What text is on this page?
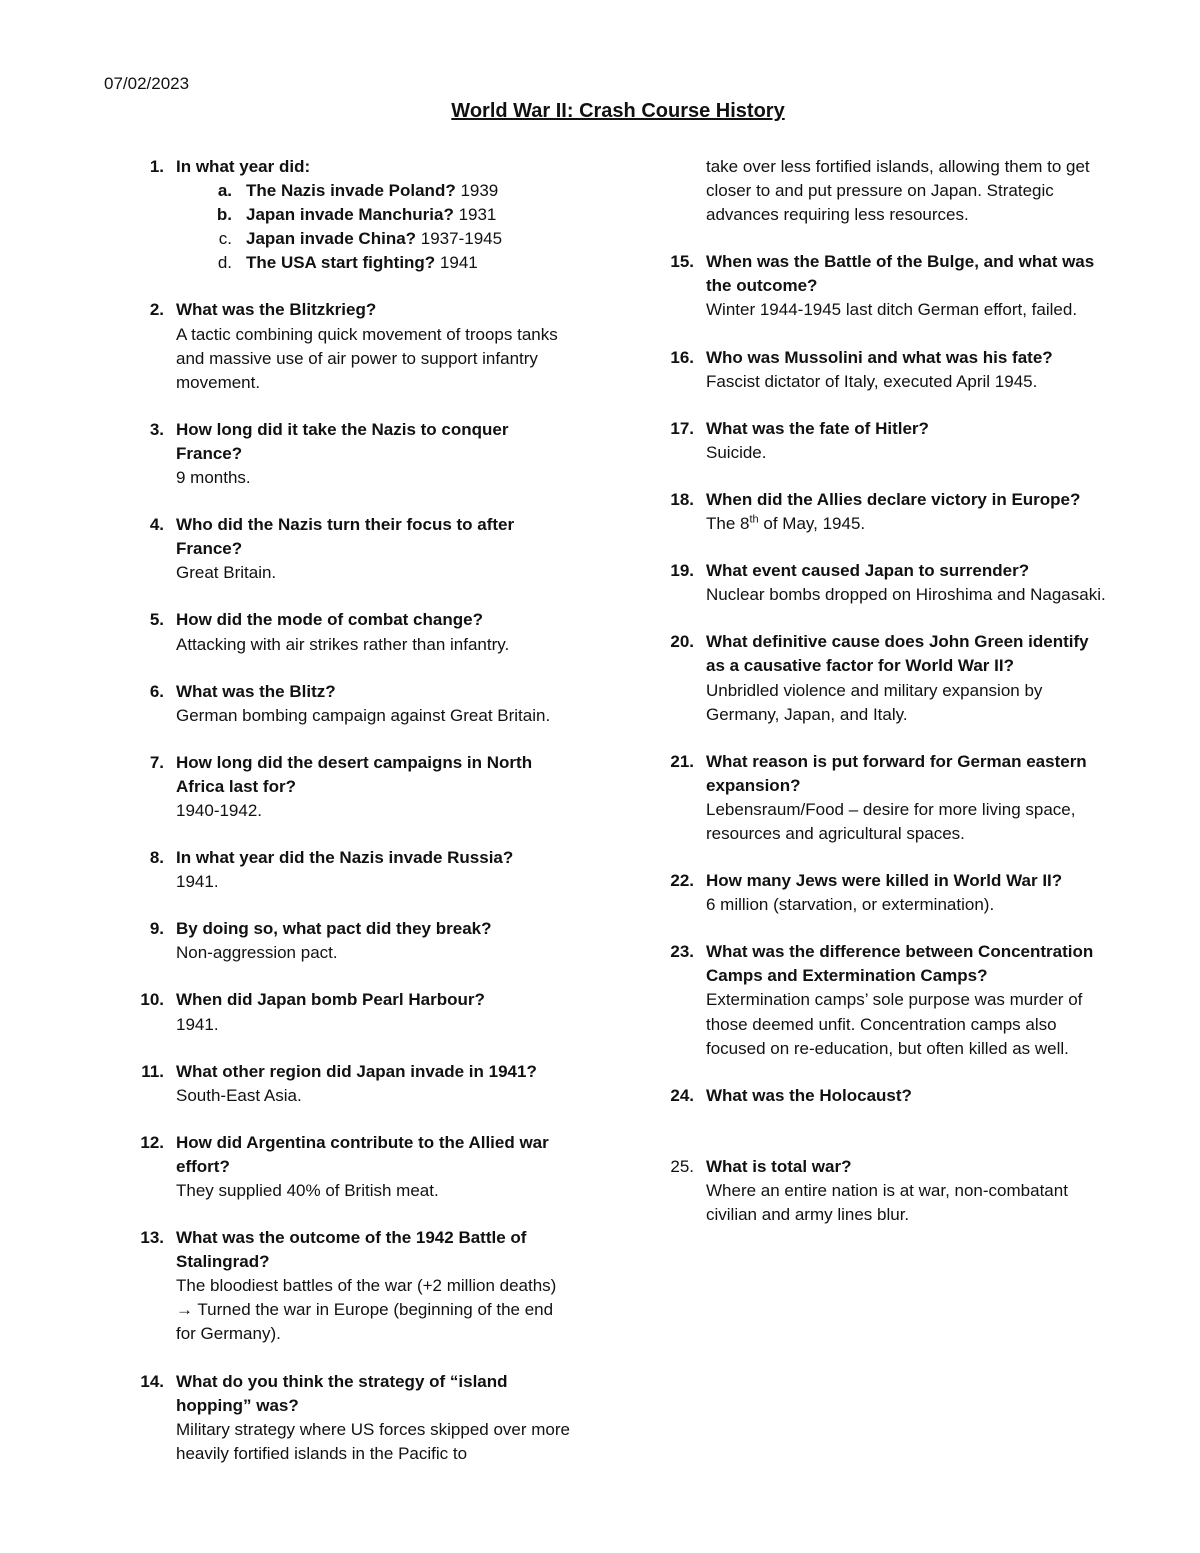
07/02/2023
World War II: Crash Course History
1. In what year did:
a. The Nazis invade Poland? 1939
b. Japan invade Manchuria? 1931
c. Japan invade China? 1937-1945
d. The USA start fighting? 1941
2. What was the Blitzkrieg?
A tactic combining quick movement of troops tanks and massive use of air power to support infantry movement.
3. How long did it take the Nazis to conquer France?
9 months.
4. Who did the Nazis turn their focus to after France?
Great Britain.
5. How did the mode of combat change?
Attacking with air strikes rather than infantry.
6. What was the Blitz?
German bombing campaign against Great Britain.
7. How long did the desert campaigns in North Africa last for?
1940-1942.
8. In what year did the Nazis invade Russia?
1941.
9. By doing so, what pact did they break?
Non-aggression pact.
10. When did Japan bomb Pearl Harbour?
1941.
11. What other region did Japan invade in 1941?
South-East Asia.
12. How did Argentina contribute to the Allied war effort?
They supplied 40% of British meat.
13. What was the outcome of the 1942 Battle of Stalingrad?
The bloodiest battles of the war (+2 million deaths) → Turned the war in Europe (beginning of the end for Germany).
14. What do you think the strategy of “island hopping” was?
Military strategy where US forces skipped over more heavily fortified islands in the Pacific to
take over less fortified islands, allowing them to get closer to and put pressure on Japan. Strategic advances requiring less resources.
15. When was the Battle of the Bulge, and what was the outcome?
Winter 1944-1945 last ditch German effort, failed.
16. Who was Mussolini and what was his fate?
Fascist dictator of Italy, executed April 1945.
17. What was the fate of Hitler?
Suicide.
18. When did the Allies declare victory in Europe?
The 8th of May, 1945.
19. What event caused Japan to surrender?
Nuclear bombs dropped on Hiroshima and Nagasaki.
20. What definitive cause does John Green identify as a causative factor for World War II?
Unbridled violence and military expansion by Germany, Japan, and Italy.
21. What reason is put forward for German eastern expansion?
Lebensraum/Food – desire for more living space, resources and agricultural spaces.
22. How many Jews were killed in World War II?
6 million (starvation, or extermination).
23. What was the difference between Concentration Camps and Extermination Camps?
Extermination camps’ sole purpose was murder of those deemed unfit. Concentration camps also focused on re-education, but often killed as well.
24. What was the Holocaust?
25. What is total war?
Where an entire nation is at war, non-combatant civilian and army lines blur.
